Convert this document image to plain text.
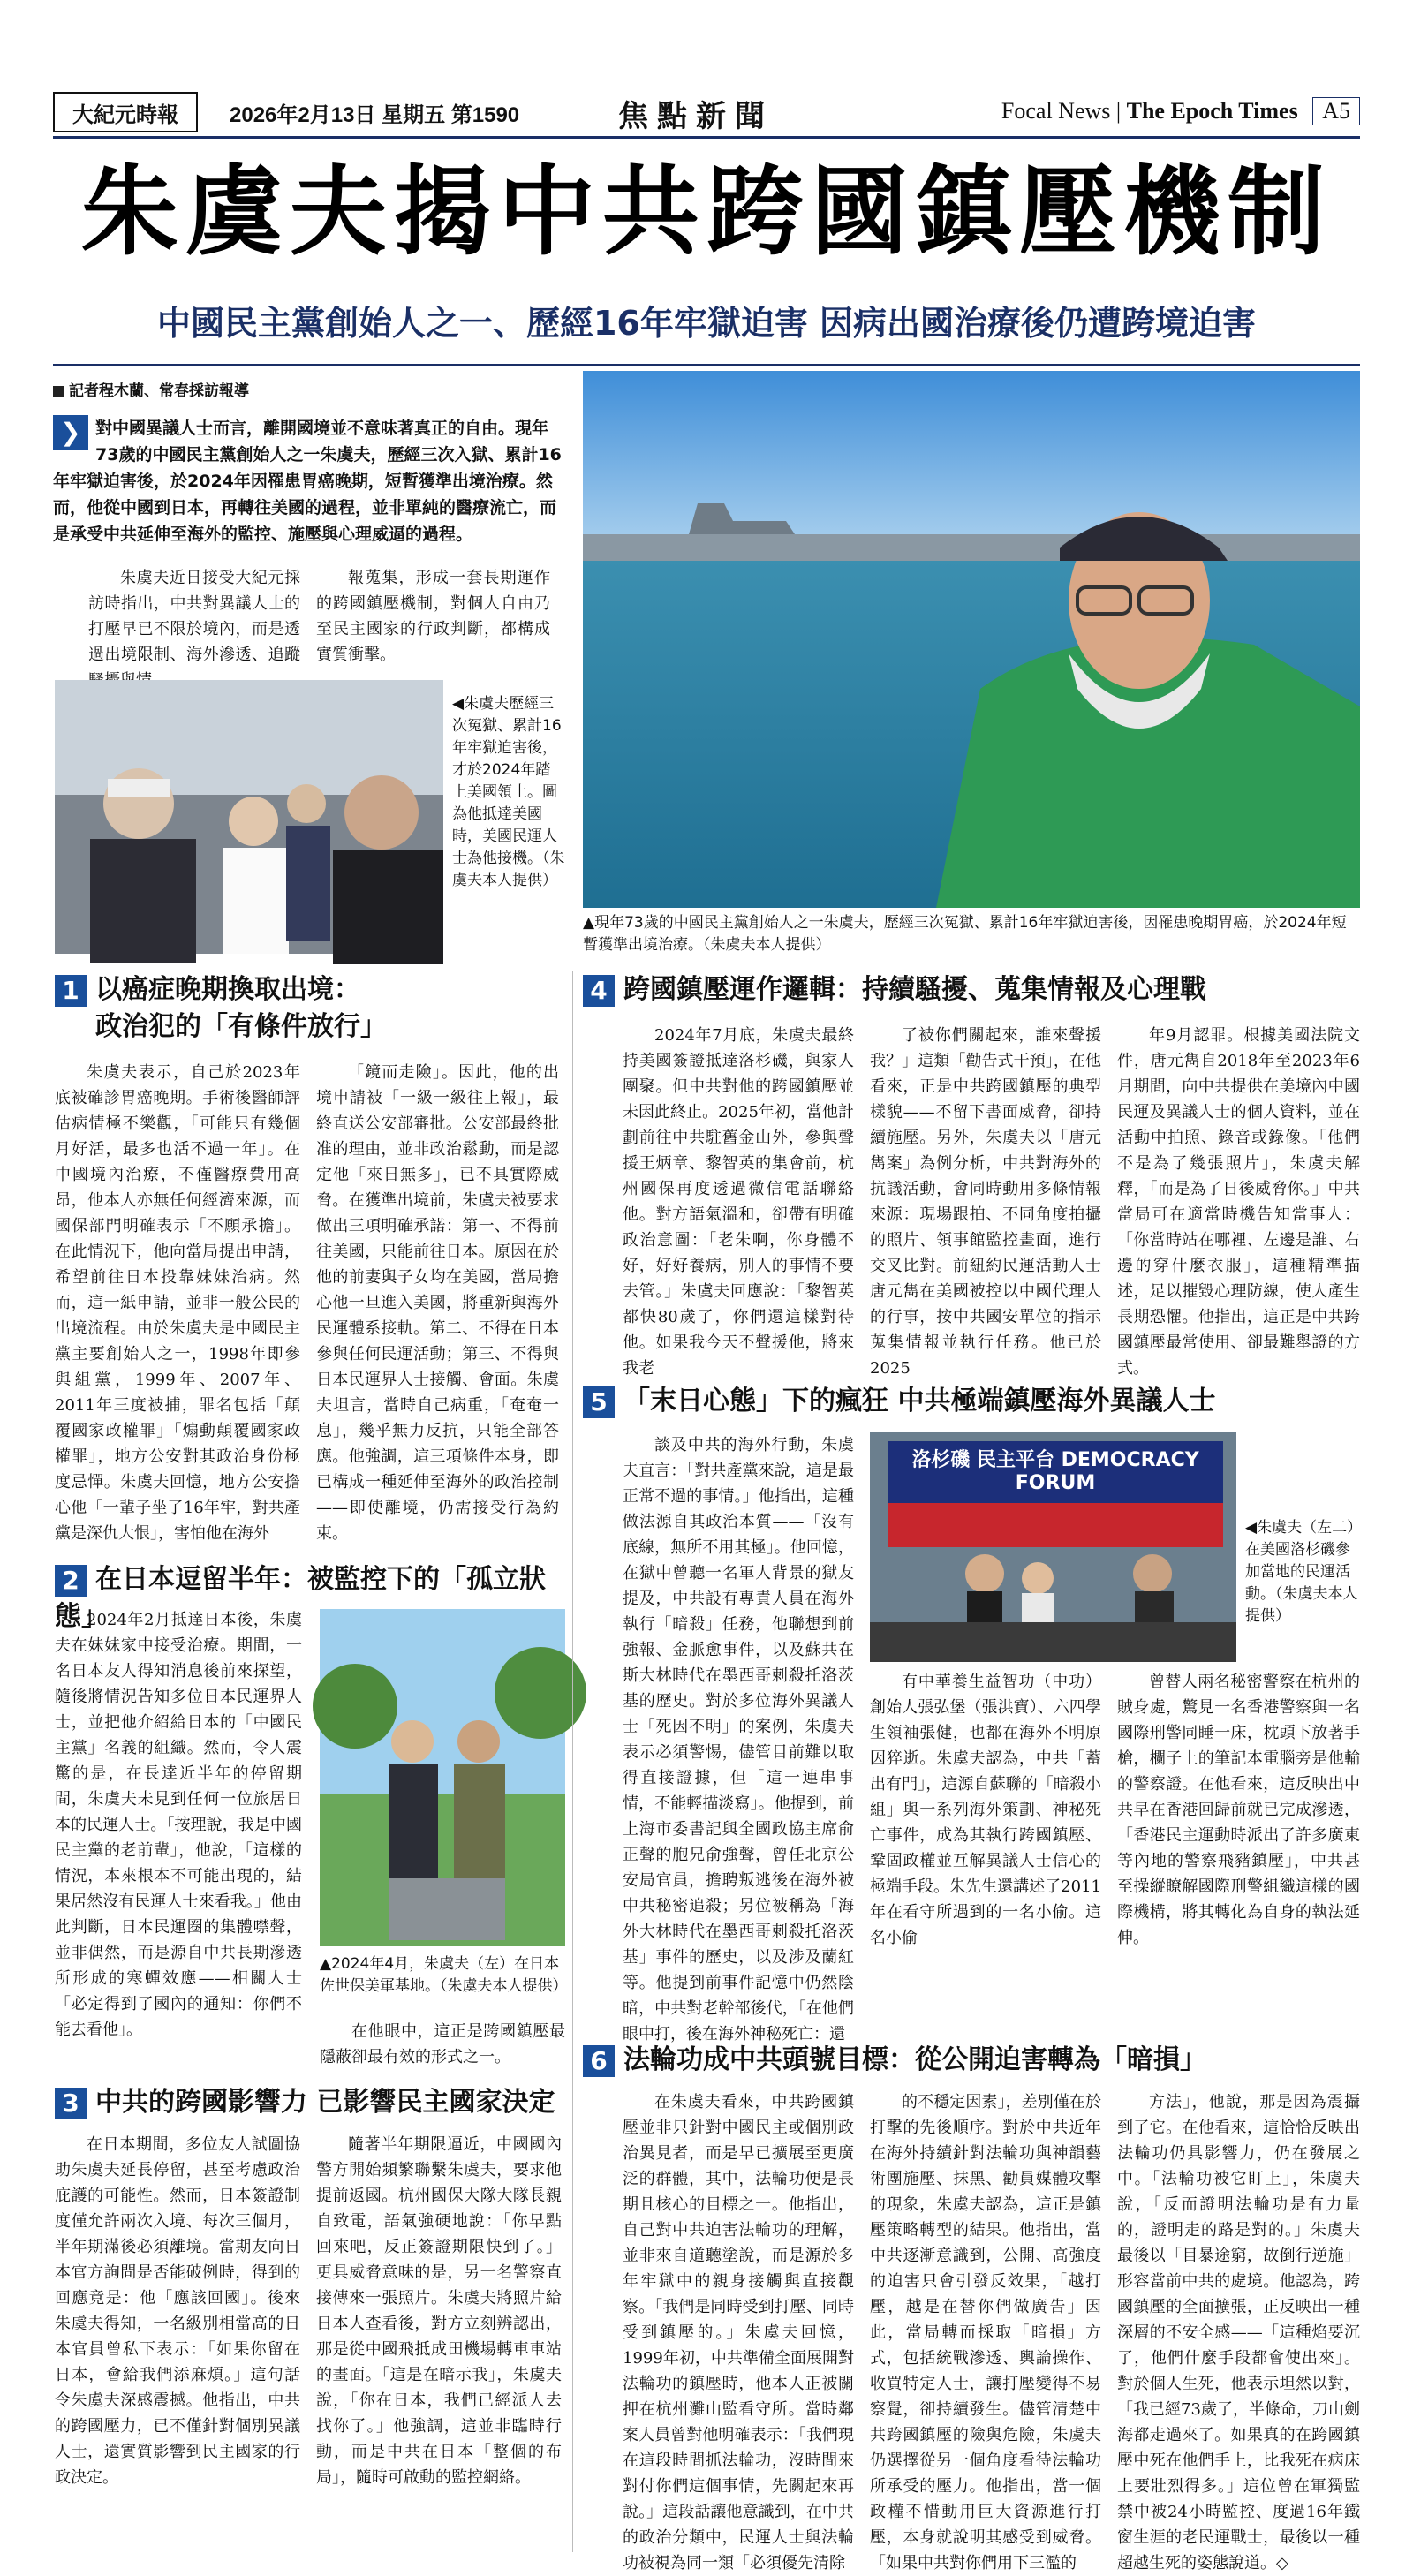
大紀元時報	2026年2月13日 星期五 第1590	焦點新聞	Focal News | The Epoch Times A5
朱虞夫揭中共跨國鎮壓機制
中國民主黨創始人之一、歷經16年牢獄迫害 因病出國治療後仍遭跨境迫害
記者程木蘭、常春採訪報導
❯ 對中國異議人士而言，離開國境並不意味著真正的自由。現年73歲的中國民主黨創始人之一朱虞夫，歷經三次入獄、累計16年牢獄迫害後，於2024年因罹患胃癌晚期，短暫獲準出境治療。然而，他從中國到日本，再轉往美國的過程，並非單純的醫療流亡，而是承受中共延伸至海外的監控、施壓與心理威逼的過程。

朱虞夫近日接受大紀元採訪時指出，中共對異議人士的打壓早已不限於境內，而是透過出境限制、海外滲透、追蹤

報蒐集，形成一套長期運作的跨國鎮壓機制，對個人自由乃至民主國家的行政判斷，都構成實質衝擊。

◀朱虞夫歷經三次冤獄、累計16年牢獄迫害後，才於2024年踏上美國領土。圖為他抵達美國時，美國民運人士為他接機。（朱虞夫本人提供）
▲現年73歲的中國民主黨創始人之一朱虞夫，歷經三次冤獄、累計16年牢獄迫害後，因罹患晚期胃癌，於2024年短暫獲準出境治療。（朱虞夫本人提供）
1 以癌症晚期換取出境：
政治犯的「有條件放行」

朱虞夫表示，自己於2023年底被確診胃癌晚期。手術後醫師評估病情極不樂觀，「可能只有幾個月好活，最多也活不過一年」。在中國境內治療，不僅醫療費用高昂，他本人亦無任何經濟來源，而國保部門明確表示「不願承擔」。在此情況下，他向當局提出申請，希望前往日本投靠妹妹治病。然而，這一紙申請，並非一般公民的出境流程。由於朱虞夫是中國民主黨主要創始人之一，1998年即參與組黨，1999年、2007年、2011年三度被捕，罪名包括「顛覆國家政權罪」「煽動顛覆國家政權罪」，地方公安對其政治身份極度忌憚。朱虞夫回憶，地方公安擔心他「一輩子坐了16年牢，對共產黨是深仇大恨」，害怕他在海外

「鏡而走險」。因此，他的出境申請被「一級一級往上報」，最終直送公安部審批。公安部最終批准的理由，並非政治鬆動，而是認定他「來日無多」，已不具實際威脅。在獲準出境前，朱虞夫被要求做出三項明確承諾：第一、不得前往美國，只能前往日本。原因在於他的前妻與子女均在美國，當局擔心他一旦進入美國，將重新與海外民運體系接軌。第二、不得在日本參與任何民運活動；第三、不得與日本民運界人士接觸、會面。朱虞夫坦言，當時自己病重，「奄奄一息」，幾乎無力反抗，只能全部答應。他強調，這三項條件本身，即已構成一種延伸至海外的政治控制——即使離境，仍需接受行為約束。

2 在日本逗留半年：被監控下的「孤立狀態」

2024年2月抵達日本後，朱虞夫在妹妹家中接受治療。期間，一名日本友人得知消息後前來探望，隨後將情況告知多位日本民運界人士，並把他介紹給日本的「中國民主黨」名義的組織。然而，令人震驚的是，在長達近半年的停留期間，朱虞夫未見到任何一位旅居日本的民運人士。「按理說，我是中國民主黨的老前輩」，他說，「這樣的情況，本來根本不可能出現的，結果居然沒有民運人士來看我。」他由此判斷，日本民運圈的集體噤聲，並非偶然，而是源自中共長期滲透所形成的寒蟬效應——相關人士「必定得到了國內的通知：你們不能去看他」。

▲2024年4月，朱虞夫（左）在日本佐世保美軍基地。（朱虞夫本人提供）

在他眼中，這正是跨國鎮壓最隱蔽卻最有效的形式之一。

3 中共的跨國影響力 已影響民主國家決定

在日本期間，多位友人試圖協助朱虞夫延長停留，甚至考慮政治庇護的可能性。然而，日本簽證制度僅允許兩次入境、每次三個月，半年期滿後必須離境。當期友向日本官方詢問是否能破例時，得到的回應竟是：他「應該回國」。後來朱虞夫得知，一名級別相當高的日本官員曾私下表示：「如果你留在日本，會給我們添麻煩。」這句話令朱虞夫深感震撼。他指出，中共的跨國壓力，已不僅針對個別異議人士，還實質影響到民主國家的行政決定。

隨著半年期限逼近，中國國內警方開始頻繁聯繫朱虞夫，要求他提前返國。杭州國保大隊大隊長親自致電，語氣強硬地說：「你早點回來吧，反正簽證期限快到了。」更具威脅意味的是，另一名警察直接傳來一張照片。朱虞夫將照片給日本人查看後，對方立刻辨認出，那是從中國飛抵成田機場轉車車站的畫面。「這是在暗示我」，朱虞夫說，「你在日本，我們已經派人去找你了。」他強調，這並非臨時行動，而是中共在日本「整個的布局」，隨時可啟動的監控網絡。

4 跨國鎮壓運作邏輯：持續騷擾、蒐集情報及心理戰

2024年7月底，朱虞夫最終持美國簽證抵達洛杉磯，與家人團聚。但中共對他的跨國鎮壓並未因此終止。2025年初，當他計劃前往中共駐舊金山外，參與聲援王炳章、黎智英的集會前，杭州國保再度透過微信電話聯絡他。對方語氣溫和，卻帶有明確政治意圖：「老朱啊，你身體不好，好好養病，別人的事情不要去管。」朱虞夫回應說：「黎智英都快80歲了，你們還這樣對待他。如果我今天不聲援他，將來我老

了被你們關起來，誰來聲援我？」這類「勸告式干預」，在他看來，正是中共跨國鎮壓的典型樣貌——不留下書面威脅，卻持續施壓。另外，朱虞夫以「唐元雋案」為例分析，中共對海外的抗議活動，會同時動用多條情報來源：現場跟拍、不同角度拍攝的照片、領事館監控畫面，進行交叉比對。前紐約民運活動人士唐元雋在美國被控以中國代理人的行事，按中共國安單位的指示蒐集情報並執行任務。他已於2025

年9月認罪。根據美國法院文件，唐元雋自2018年至2023年6月期間，向中共提供在美境內中國民運及異議人士的個人資料，並在活動中拍照、錄音或錄像。「他們不是為了幾張照片」，朱虞夫解釋，「而是為了日後威脅你。」中共當局可在適當時機告知當事人：「你當時站在哪裡、左邊是誰、右邊的穿什麼衣服」，這種精準描述，足以摧毀心理防線，使人產生長期恐懼。他指出，這正是中共跨國鎮壓最常使用、卻最難舉證的方式。

5 「末日心態」下的瘋狂 中共極端鎮壓海外異議人士

談及中共的海外行動，朱虞夫直言：「對共產黨來說，這是最正常不過的事情。」他指出，這種做法源自其政治本質——「沒有底線，無所不用其極」。他回憶，在獄中曾聽一名軍人背景的獄友提及，中共設有專責人員在海外執行「暗殺」任務，他聯想到前強報、金脈愈事件，以及蘇共在斯大林時代在墨西哥刺殺托洛茨基的歷史。對於多位海外異議人士「死因不明」的案例，朱虞夫表示必須警惕，儘管目前難以取得直接證據，但「這一連串事情，不能輕描淡寫」。他提到，前上海市委書記與全國政協主席俞正聲的胞兄俞強聲，曾任北京公安局官員，擔聘叛逃後在海外被中共秘密追殺；另位被稱為「海外大林時代在墨西哥刺殺托洛茨基」事件的歷史，以及涉及蘭紅等。他提到前事件記憶中仍然陰暗，中共對老幹部後代，「在他們眼中打，後在海外神秘死亡：還

洛杉磯 民主平台 DEMOCRACY FORUM
◀朱虞夫（左二）在美國洛杉磯參加當地的民運活動。（朱虞夫本人提供）

有中華養生益智功（中功）創始人張弘堡（張洪寶）、六四學生領袖張健，也都在海外不明原因猝逝。朱虞夫認為，中共「蓄出有門」，這源自蘇聯的「暗殺小組」與一系列海外策劃、神秘死亡事件，成為其執行跨國鎮壓、鞏固政權並互解異議人士信心的極端手段。朱先生還講述了2011年在看守所遇到的一名小偷。這名小偷

曾替人兩名秘密警察在杭州的賊身處，驚見一名香港警察與一名國際刑警同睡一床，枕頭下放著手槍，欄子上的筆記本電腦旁是他輸的警察證。在他看來，這反映出中共早在香港回歸前就已完成滲透，「香港民主運動時派出了許多廣東等內地的警察飛豬鎮壓」，中共甚至操縱瞭解國際刑警組織這樣的國際機構，將其轉化為自身的執法延伸。

6 法輪功成中共頭號目標：從公開迫害轉為「暗損」

在朱虞夫看來，中共跨國鎮壓並非只針對中國民主或個別政治異見者，而是早已擴展至更廣泛的群體，其中，法輪功便是長期且核心的目標之一。他指出，自己對中共迫害法輪功的理解，並非來自道聽塗說，而是源於多年牢獄中的親身接觸與直接觀察。「我們是同時受到打壓、同時受到鎮壓的。」朱虞夫回憶，1999年初，中共準備全面展開對法輪功的鎮壓時，他本人正被關押在杭州灘山監看守所。當時鄰案人員曾對他明確表示：「我們現在這段時間抓法輪功，沒時間來對付你們這個事情，先關起來再說。」這段話讓他意識到，在中共的政治分類中，民運人士與法輪功被視為同一類「必須優先清除

的不穩定因素」，差別僅在於打擊的先後順序。對於中共近年在海外持續針對法輪功與神韻藝術團施壓、抹黑、勸員媒體攻擊的現象，朱虞夫認為，這正是鎮壓策略轉型的結果。他指出，當中共逐漸意識到，公開、高強度的迫害只會引發反效果，「越打壓，越是在替你們做廣告」因此，當局轉而採取「暗損」方式，包括統戰滲透、輿論操作、收買特定人士，讓打壓變得不易察覺，卻持續發生。儘管清楚中共跨國鎮壓的險與危險，朱虞夫仍選擇從另一個角度看待法輪功所承受的壓力。他指出，當一個政權不惜動用巨大資源進行打壓，本身就說明其感受到威脅。「如果中共對你們用下三濫的

方法」，他說，那是因為震攝到了它。在他看來，這恰恰反映出法輪功仍具影響力，仍在發展之中。「法輪功被它盯上」，朱虞夫說，「反而證明法輪功是有力量的，證明走的路是對的。」朱虞夫最後以「目暴途窮，故倒行逆施」形容當前中共的處境。他認為，跨國鎮壓的全面擴張，正反映出一種深層的不安全感——「這種焰要沉了，他們什麼手段都會使出來」。對於個人生死，他表示坦然以對，「我已經73歲了，半條命，刀山劍海都走過來了。如果真的在跨國鎮壓中死在他們手上，比我死在病床上要壯烈得多。」這位曾在軍獨監禁中被24小時監控、度過16年鐵窗生涯的老民運戰士，最後以一種超越生死的姿態說道。◇
